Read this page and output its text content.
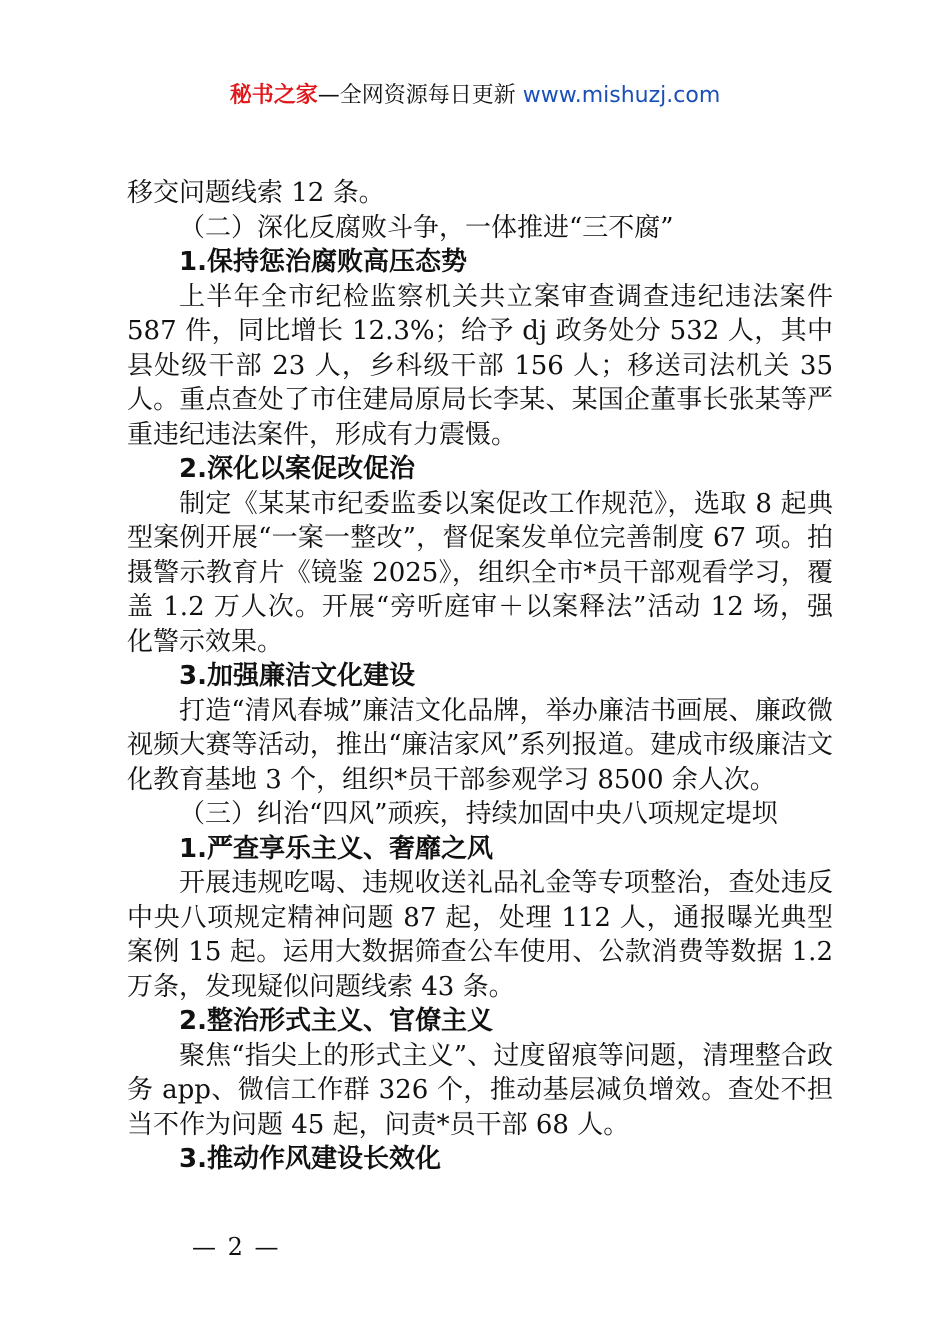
秘书之家—全网资源每日更新 www.mishuzj.com

移交问题线索 12 条。

（二）深化反腐败斗争，一体推进“三不腐”

1.保持惩治腐败高压态势

上半年全市纪检监察机关共立案审查调查违纪违法案件 587 件，同比增长 12.3%；给予 dj 政务处分 532 人，其中县处级干部 23 人，乡科级干部 156 人；移送司法机关 35 人。重点查处了市住建局原局长李某、某国企董事长张某等严重违纪违法案件，形成有力震慑。

2.深化以案促改促治

制定《某某市纪委监委以案促改工作规范》，选取 8 起典型案例开展“一案一整改”，督促案发单位完善制度 67 项。拍摄警示教育片《镜鉴 2025》，组织全市*员干部观看学习，覆盖 1.2 万人次。开展“旁听庭审＋以案释法”活动 12 场，强化警示效果。

3.加强廉洁文化建设

打造“清风春城”廉洁文化品牌，举办廉洁书画展、廉政微视频大赛等活动，推出“廉洁家风”系列报道。建成市级廉洁文化教育基地 3 个，组织*员干部参观学习 8500 余人次。

（三）纠治“四风”顽疾，持续加固中央八项规定堤坝

1.严查享乐主义、奢靡之风

开展违规吃喝、违规收送礼品礼金等专项整治，查处违反中央八项规定精神问题 87 起，处理 112 人，通报曝光典型案例 15 起。运用大数据筛查公车使用、公款消费等数据 1.2 万条，发现疑似问题线索 43 条。

2.整治形式主义、官僚主义

聚焦“指尖上的形式主义”、过度留痕等问题，清理整合政务 app、微信工作群 326 个，推动基层减负增效。查处不担当不作为问题 45 起，问责*员干部 68 人。

3.推动作风建设长效化

— 2 —
